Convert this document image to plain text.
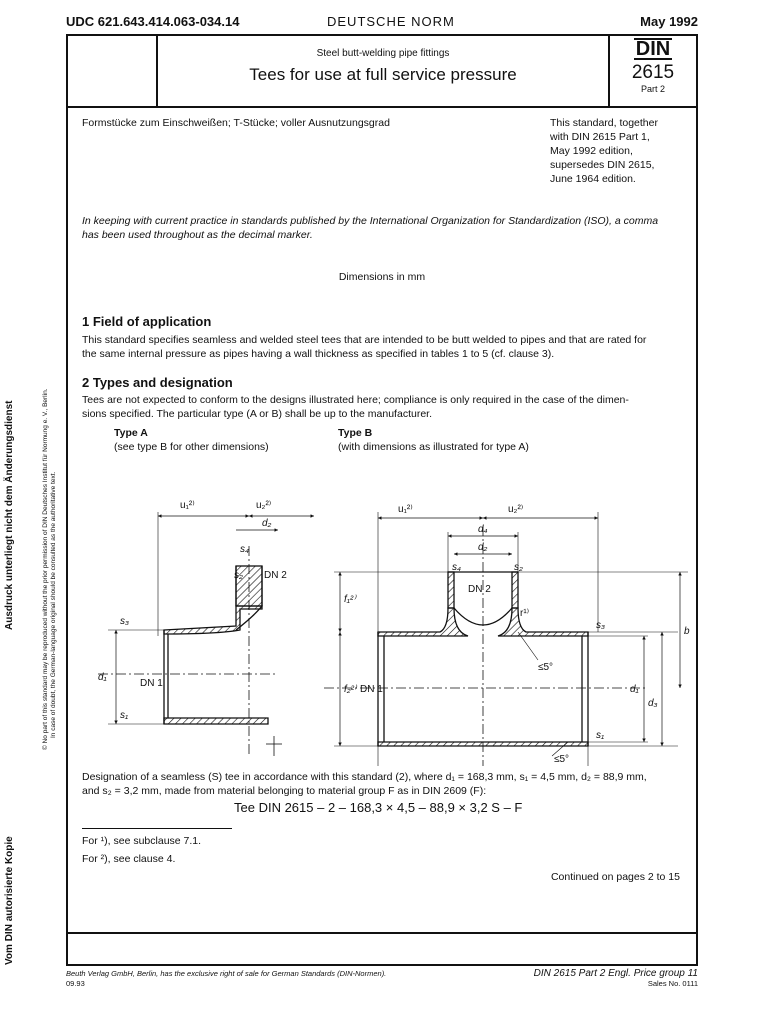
UDC 621.643.414.063-034.14	DEUTSCHE NORM	May 1992
Ausdruck unterliegt nicht dem Änderungsdienst
Vom DIN autorisierte Kopie
© No part of this standard may be reproduced without the prior permission of DIN Deutsches Institut für Normung e. V., Berlin. In case of doubt, the German-language original should be consulted as the authoritative text.
Steel butt-welding pipe fittings
Tees for use at full service pressure
DIN
2615
Part 2
Formstücke zum Einschweißen; T-Stücke; voller Ausnutzungsgrad	This standard, together
with DIN 2615 Part 1,
May 1992 edition,
supersedes DIN 2615,
June 1964 edition.
In keeping with current practice in standards published by the International Organization for Standardization (ISO), a comma
has been used throughout as the decimal marker.
Dimensions in mm
1 Field of application
This standard specifies seamless and welded steel tees that are intended to be butt welded to pipes and that are rated for
the same internal pressure as pipes having a wall thickness as specified in tables 1 to 5 (cf. clause 3).
2 Types and designation
Tees are not expected to conform to the designs illustrated here; compliance is only required in the case of the dimen-
sions specified. The particular type (A or B) shall be up to the manufacturer.
Type A
(see type B for other dimensions)
Type B
(with dimensions as illustrated for type A)
u₁²⁾	u₂²⁾
d₂
s₄
s₂ DN 2
s₃
d₁
DN 1
s₁
u₁²⁾	u₂²⁾
d₄
d₂
s₄	s₂
DN 2
r¹⁾
≤5°
≤5°
f₁²⁾
f₂²⁾ DN 1	d₁
d₃
b
s₃
s₁
Designation of a seamless (S) tee in accordance with this standard (2), where d₁ = 168,3 mm, s₁ = 4,5 mm, d₂ = 88,9 mm,
and s₂ = 3,2 mm, made from material belonging to material group F as in DIN 2609 (F):
Tee DIN 2615 – 2 – 168,3 × 4,5 – 88,9 × 3,2 S – F
For ¹), see subclause 7.1.
For ²), see clause 4.
Continued on pages 2 to 15
Beuth Verlag GmbH, Berlin, has the exclusive right of sale for German Standards (DIN-Normen).
09.93
DIN 2615 Part 2 Engl. Price group 11
Sales No. 0111
